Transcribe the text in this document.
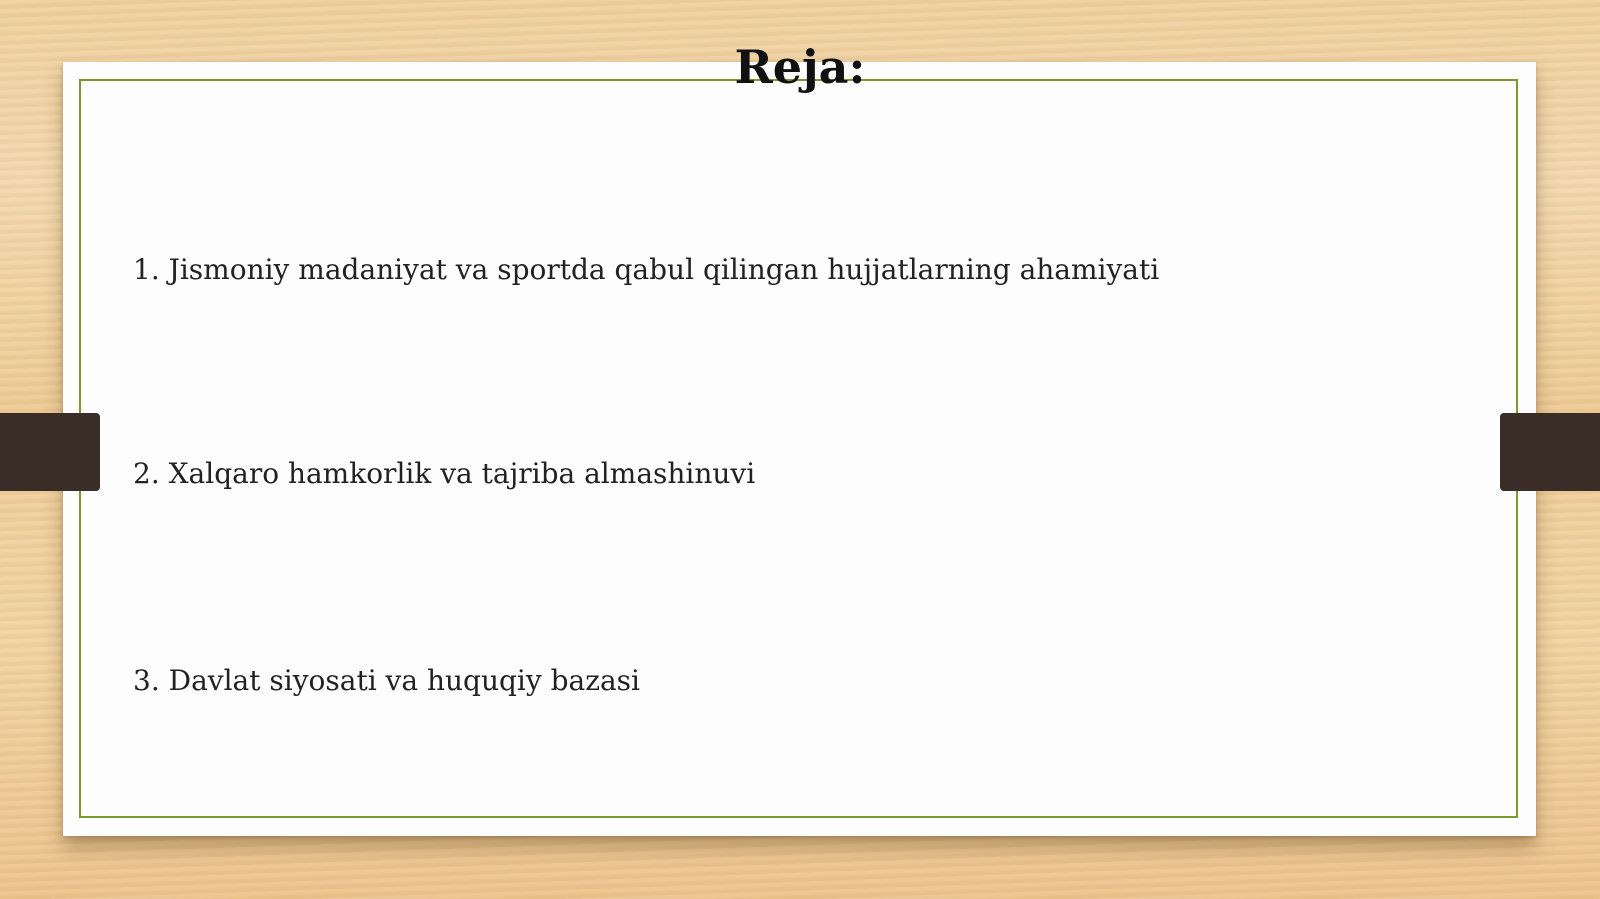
Reja:

1. Jismoniy madaniyat va sportda qabul qilingan hujjatlarning ahamiyati

2. Xalqaro hamkorlik va tajriba almashinuvi

3. Davlat siyosati va huquqiy bazasi
